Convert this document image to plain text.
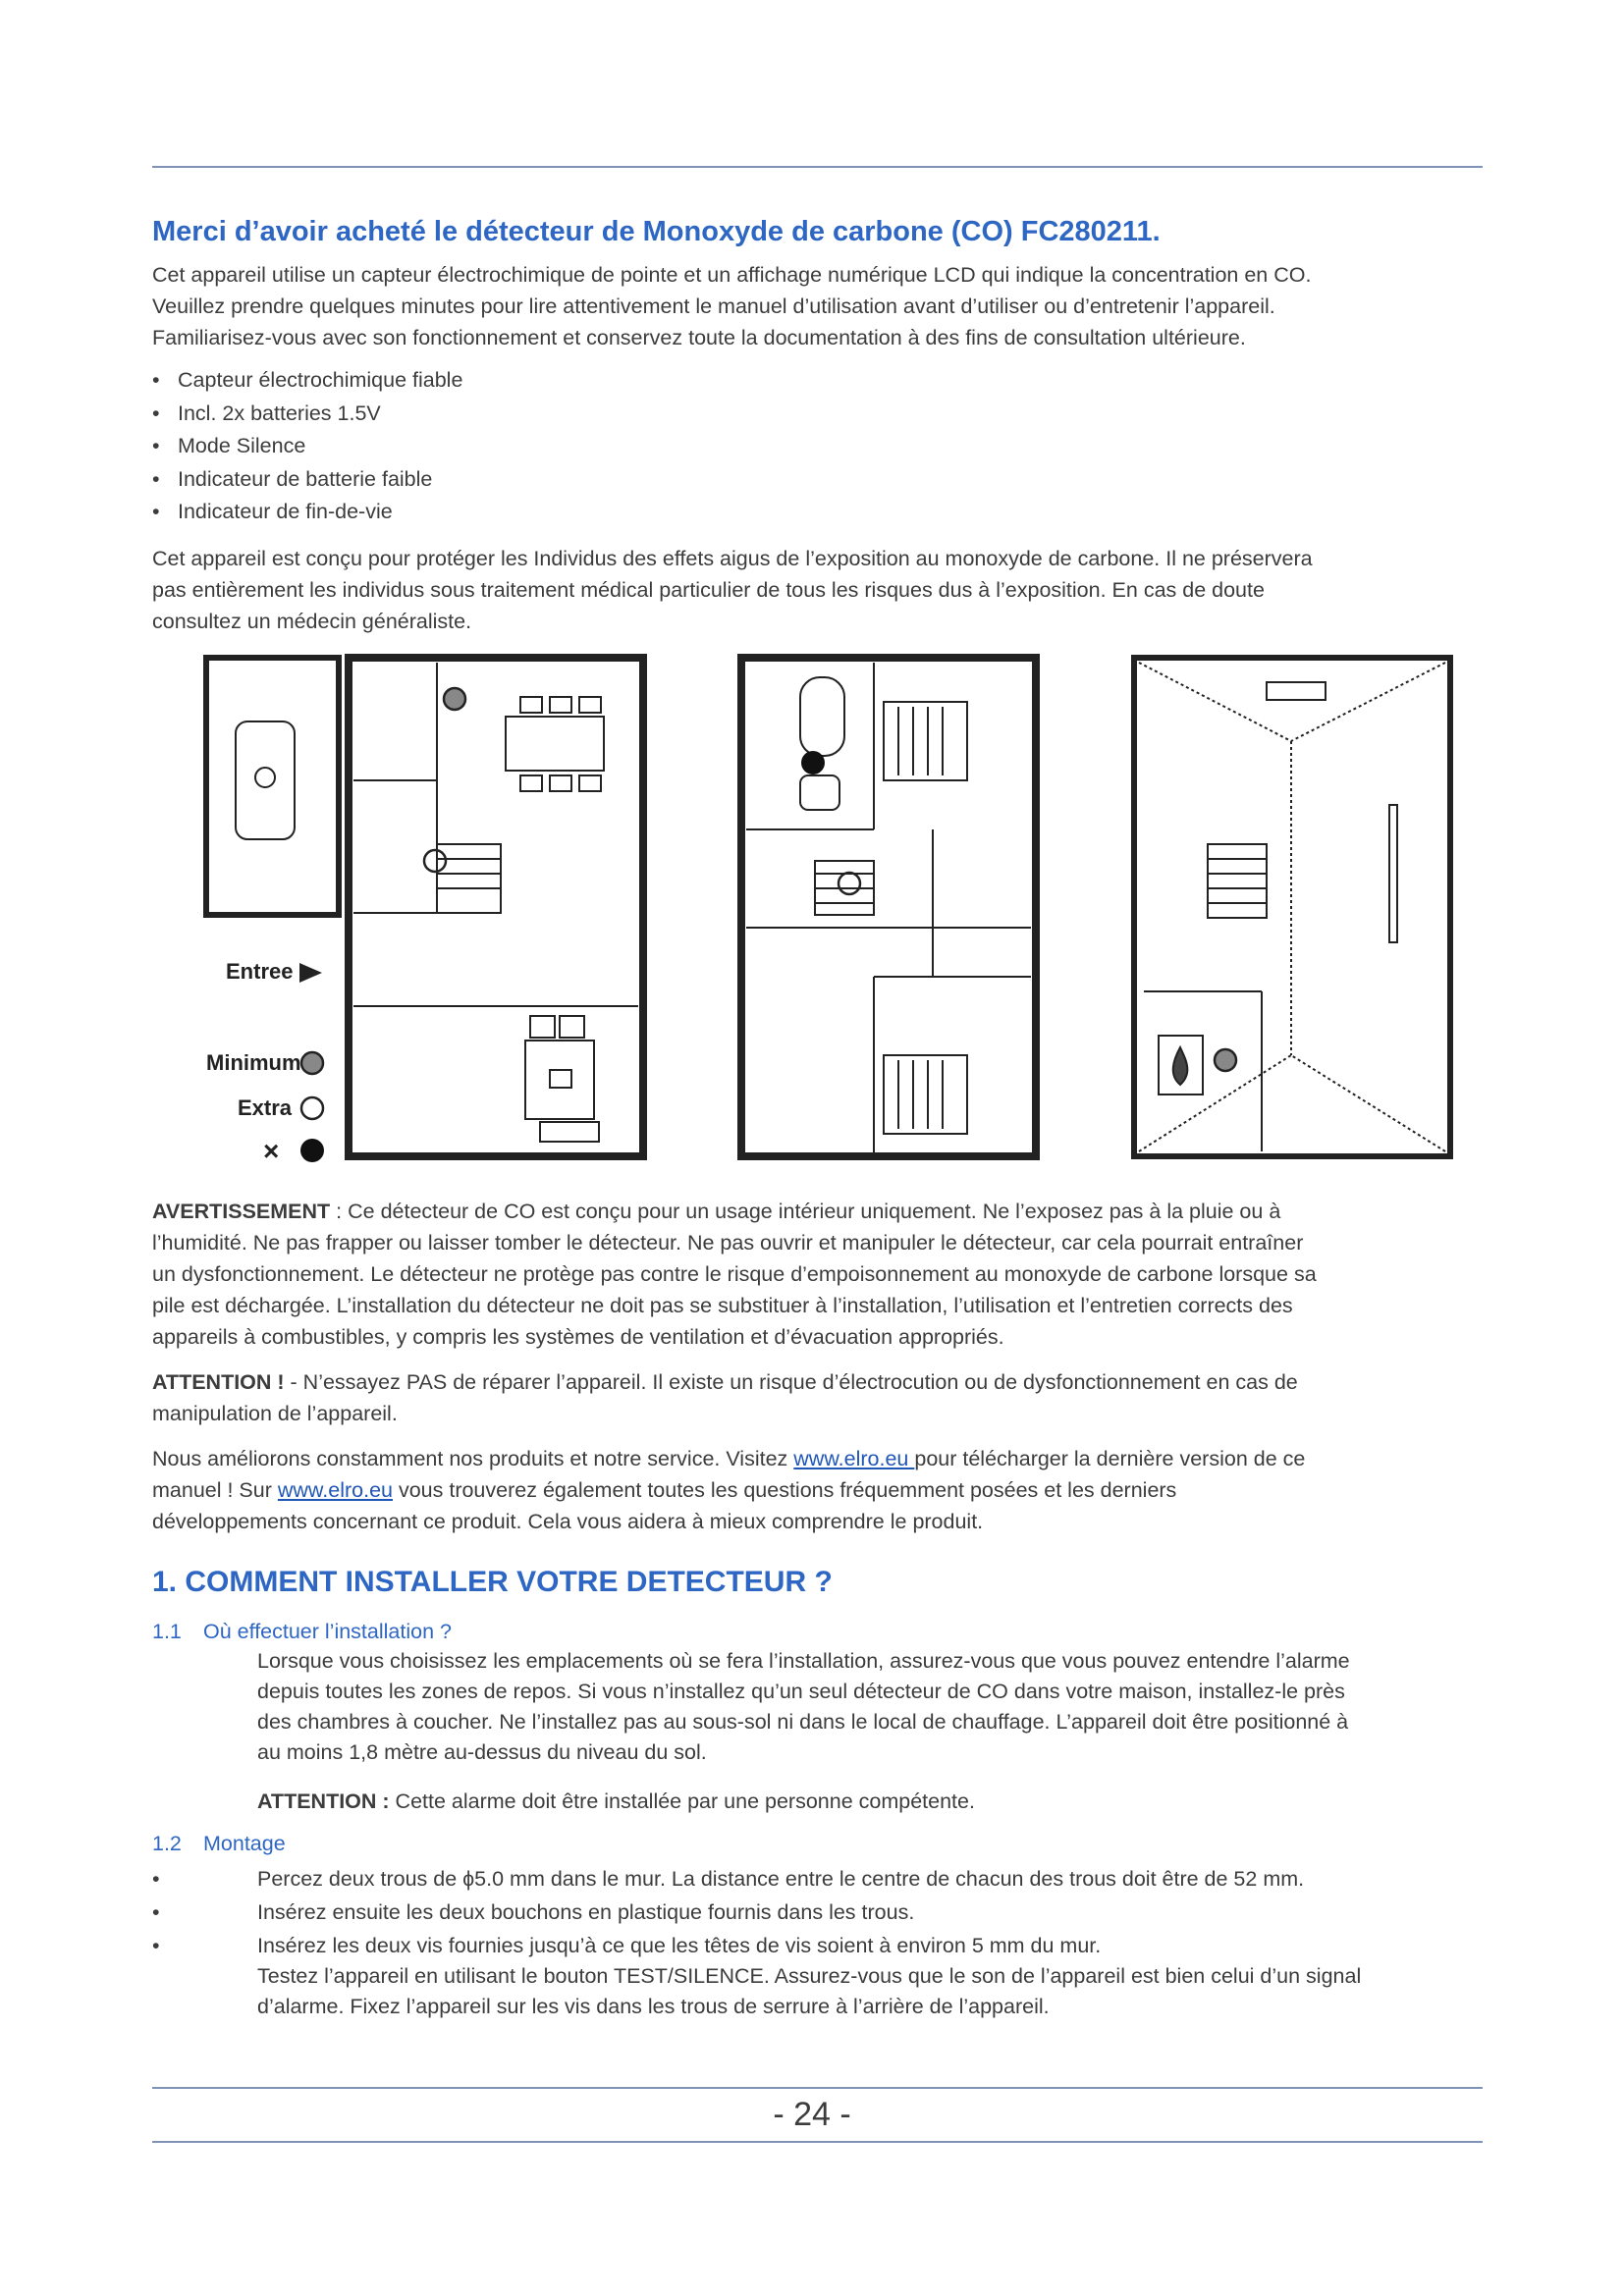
Merci d’avoir acheté le détecteur de Monoxyde de carbone (CO) FC280211.

Cet appareil utilise un capteur électrochimique de pointe et un affichage numérique LCD qui indique la concentration en CO.
Veuillez prendre quelques minutes pour lire attentivement le manuel d’utilisation avant d’utiliser ou d’entretenir l’appareil.
Familiarisez-vous avec son fonctionnement et conservez toute la documentation à des fins de consultation ultérieure.

• Capteur électrochimique fiable
• Incl. 2x batteries 1.5V
• Mode Silence
• Indicateur de batterie faible
• Indicateur de fin-de-vie

Cet appareil est conçu pour protéger les Individus des effets aigus de l’exposition au monoxyde de carbone. Il ne préservera
pas entièrement les individus sous traitement médical particulier de tous les risques dus à l’exposition. En cas de doute
consultez un médecin généraliste.

Entree
Minimum
Extra
×

AVERTISSEMENT : Ce détecteur de CO est conçu pour un usage intérieur uniquement. Ne l’exposez pas à la pluie ou à
l’humidité. Ne pas frapper ou laisser tomber le détecteur. Ne pas ouvrir et manipuler le détecteur, car cela pourrait entraîner
un dysfonctionnement. Le détecteur ne protège pas contre le risque d’empoisonnement au monoxyde de carbone lorsque sa
pile est déchargée. L’installation du détecteur ne doit pas se substituer à l’installation, l’utilisation et l’entretien corrects des
appareils à combustibles, y compris les systèmes de ventilation et d’évacuation appropriés.

ATTENTION ! - N’essayez PAS de réparer l’appareil. Il existe un risque d’électrocution ou de dysfonctionnement en cas de
manipulation de l’appareil.

Nous améliorons constamment nos produits et notre service. Visitez www.elro.eu pour télécharger la dernière version de ce
manuel ! Sur www.elro.eu vous trouverez également toutes les questions fréquemment posées et les derniers
développements concernant ce produit. Cela vous aidera à mieux comprendre le produit.

1. COMMENT INSTALLER VOTRE DETECTEUR ?

1.1 Où effectuer l’installation ?

Lorsque vous choisissez les emplacements où se fera l’installation, assurez-vous que vous pouvez entendre l’alarme
depuis toutes les zones de repos. Si vous n’installez qu’un seul détecteur de CO dans votre maison, installez-le près
des chambres à coucher. Ne l’installez pas au sous-sol ni dans le local de chauffage. L’appareil doit être positionné à
au moins 1,8 mètre au-dessus du niveau du sol.

ATTENTION : Cette alarme doit être installée par une personne compétente.

1.2 Montage

•	Percez deux trous de ϕ5.0 mm dans le mur. La distance entre le centre de chacun des trous doit être de 52 mm.
•	Insérez ensuite les deux bouchons en plastique fournis dans les trous.
•	Insérez les deux vis fournies jusqu’à ce que les têtes de vis soient à environ 5 mm du mur.

Testez l’appareil en utilisant le bouton TEST/SILENCE. Assurez-vous que le son de l’appareil est bien celui d’un signal
d’alarme. Fixez l’appareil sur les vis dans les trous de serrure à l’arrière de l’appareil.

- 24 -
